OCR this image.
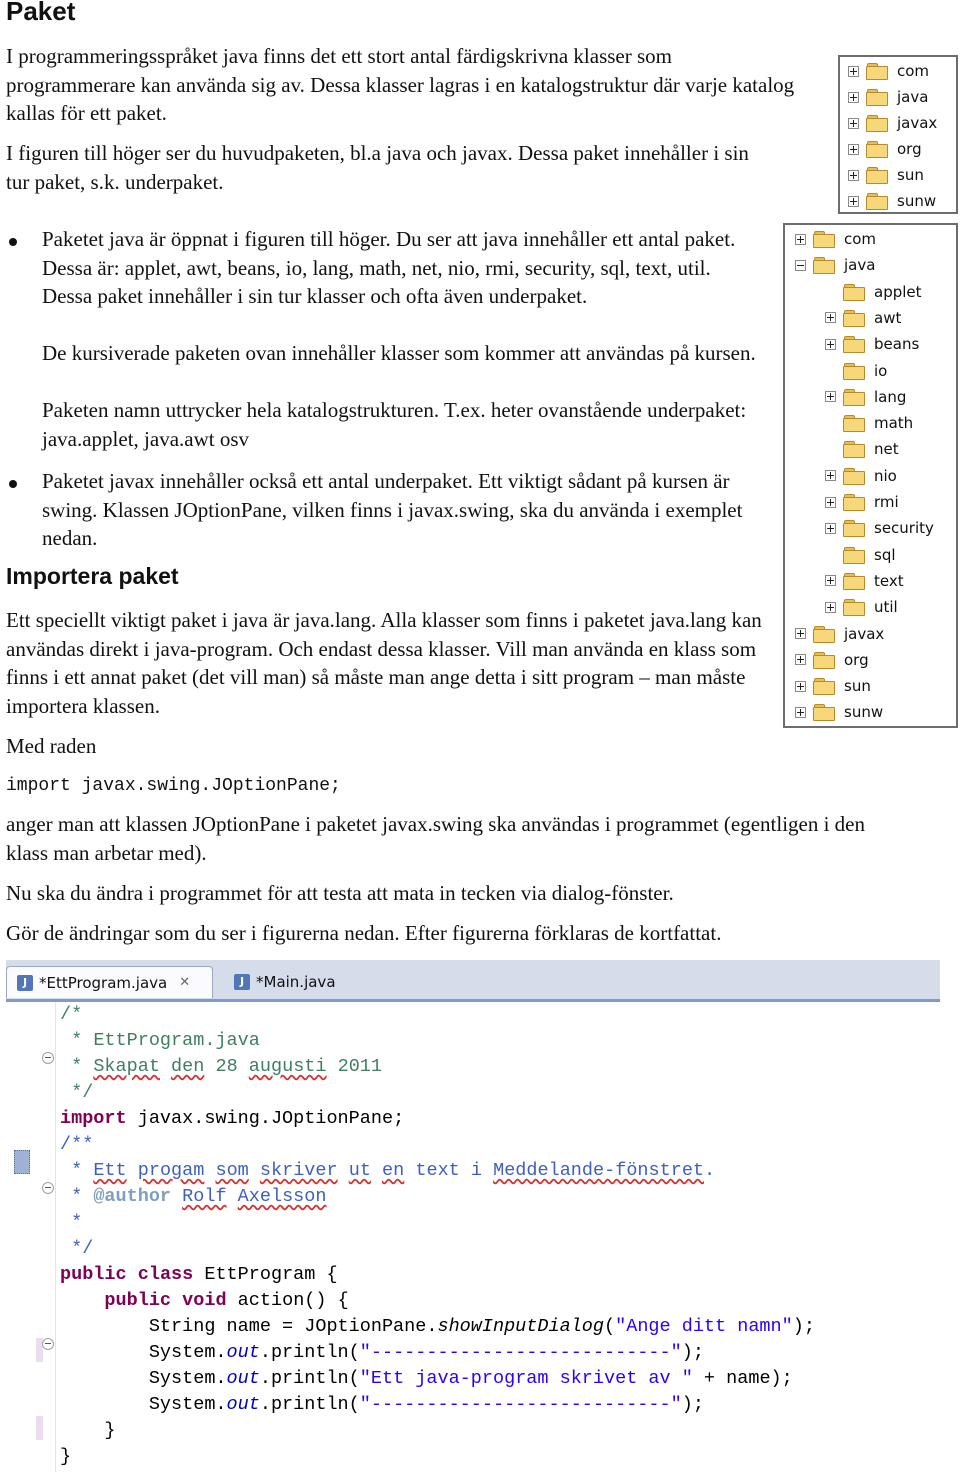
Paket

I programmeringsspråket java finns det ett stort antal färdigskrivna klasser som programmerare kan använda sig av. Dessa klasser lagras i en katalogstruktur där varje katalog kallas för ett paket.

I figuren till höger ser du huvudpaketen, bl.a java och javax. Dessa paket innehåller i sin tur paket, s.k. underpaket.

Paketet java är öppnat i figuren till höger. Du ser att java innehåller ett antal paket. Dessa är: applet, awt, beans, io, lang, math, net, nio, rmi, security, sql, text, util. Dessa paket innehåller i sin tur klasser och ofta även underpaket.

De kursiverade paketen ovan innehåller klasser som kommer att användas på kursen.

Paketen namn uttrycker hela katalogstrukturen. T.ex. heter ovanstående underpaket: java.applet, java.awt osv

Paketet javax innehåller också ett antal underpaket. Ett viktigt sådant på kursen är swing. Klassen JOptionPane, vilken finns i javax.swing, ska du använda i exemplet nedan.

Importera paket

Ett speciellt viktigt paket i java är java.lang. Alla klasser som finns i paketet java.lang kan användas direkt i java-program. Och endast dessa klasser. Vill man använda en klass som finns i ett annat paket (det vill man) så måste man ange detta i sitt program – man måste importera klassen.

Med raden

import javax.swing.JOptionPane;

anger man att klassen JOptionPane i paketet javax.swing ska användas i programmet (egentligen i den klass man arbetar med).

Nu ska du ändra i programmet för att testa att mata in tecken via dialog-fönster.

Gör de ändringar som du ser i figurerna nedan. Efter figurerna förklaras de kortfattat.

com
java
javax
org
sun
sunw
com
java
applet
awt
beans
io
lang
math
net
nio
rmi
security
sql
text
util
javax
org
sun
sunw
J *EttProgram.java ✕	J *Main.java
/*
* EttProgram.java
* Skapat den 28 augusti 2011
*/
import javax.swing.JOptionPane;
/**
* Ett progam som skriver ut en text i Meddelande-fönstret.
* @author Rolf Axelsson
*
*/
public class EttProgram {
public void action() {
String name = JOptionPane.showInputDialog("Ange ditt namn");
System.out.println("---------------------------");
System.out.println("Ett java-program skrivet av " + name);
System.out.println("---------------------------");
}
}
